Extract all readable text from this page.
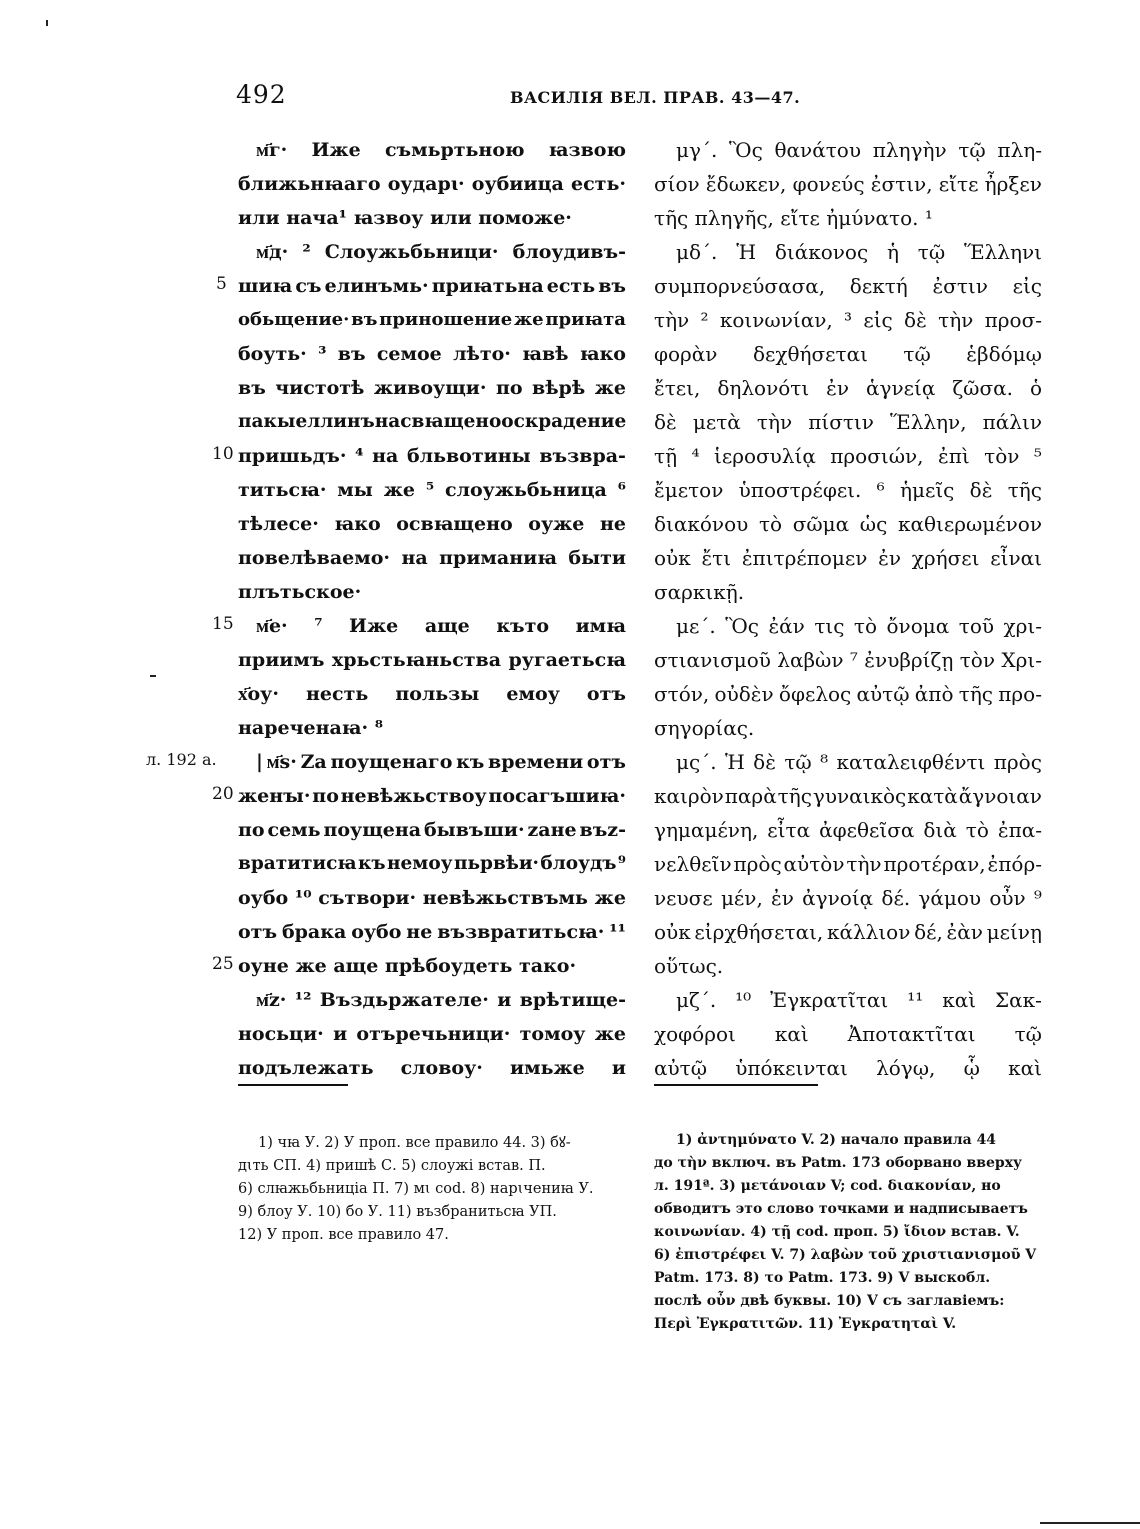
492	ВАСИЛІЯ ВЕЛ. ПРАВ. 43—47.
м҃г· Иже съмьртьною ꙗзвою
ближьнꙗаго оударꙇ· оубиица есть·
или нача¹ ꙗзвоу или поможе·
м҃д· ² Слоужьбьници· блоудивъ-
шиꙗ съ елинъмь· приꙗтьна есть въ
обьщение· въ приношение же приꙗта
боуть· ³ въ семое лѣто· ꙗвѣ ꙗко
въ чистотѣ живоущи· по вѣрѣ же
пакы еллинъ на свꙗщенооскрадение
пришьдъ· ⁴ на бльвотины възвра-
титьсꙗ· мы же ⁵ слоужьбьница ⁶
тѣлесе· ꙗко освꙗщено оуже не
повелѣваемо· на приманиꙗ быти
плътьское·
м҃е· ⁷ Иже аще къто имꙗ
приимъ хрьстьꙗньства ругаетьсꙗ
х҃оу· несть пользы емоу отъ
нареченаꙗ· ⁸
| м҃ѕ· Za поущенаго къ времени отъ
женꙑ· по невѣжьствоу посагъшиꙗ·
по семь поущена бывъши· zане въz-
вратитисꙗ къ немоу пьрвѣи· блоудъ ⁹
оубо ¹⁰ сътвори· невѣжьствъмь же
отъ брака оубо не възвратитьсꙗ· ¹¹
оуне же аще прѣбоудеть тако·
м҃z· ¹² Въздьржателе· и врѣтище-
носьци· и отъречьници· томоу же
подълежать словоу· имьже и
5
10
15
20
25
л. 192 а.
μγ΄. Ὃς θανάτου πληγὴν τῷ πλη-
σίον ἔδωκεν, φονεύς ἐστιν, εἴτε ἦρξεν
τῆς πληγῆς, εἴτε ἠμύνατο. ¹
μδ΄. Ἡ διάκονος ἡ τῷ Ἕλληνι
συμπορνεύσασα, δεκτή ἐστιν εἰς
τὴν ² κοινωνίαν, ³ εἰς δὲ τὴν προσ-
φορὰν δεχθήσεται τῷ ἑβδόμῳ
ἔτει, δηλονότι ἐν ἁγνείᾳ ζῶσα. ὁ
δὲ μετὰ τὴν πίστιν Ἕλλην, πάλιν
τῇ ⁴ ἱεροσυλίᾳ προσιών, ἐπὶ τὸν ⁵
ἔμετον ὑποστρέφει. ⁶ ἡμεῖς δὲ τῆς
διακόνου τὸ σῶμα ὡς καθιερωμένον
οὐκ ἔτι ἐπιτρέπομεν ἐν χρήσει εἶναι
σαρκικῇ.
με΄. Ὃς ἐάν τις τὸ ὄνομα τοῦ χρι-
στιανισμοῦ λαβὼν ⁷ ἐνυβρίζῃ τὸν Χρι-
στόν, οὐδὲν ὄφελος αὐτῷ ἀπὸ τῆς προ-
σηγορίας.
μς΄. Ἡ δὲ τῷ ⁸ καταλειφθέντι πρὸς
καιρὸν παρὰ τῆς γυναικὸς κατὰ ἄγνοιαν
γημαμένη, εἶτα ἀφεθεῖσα διὰ τὸ ἐπα-
νελθεῖν πρὸς αὐτὸν τὴν προτέραν, ἐπόρ-
νευσε μέν, ἐν ἀγνοίᾳ δέ. γάμου οὖν ⁹
οὐκ εἰρχθήσεται, κάλλιον δέ, ἐὰν μείνῃ
οὕτως.
μζ΄. ¹⁰ Ἐγκρατῖται ¹¹ καὶ Σακ-
χοφόροι καὶ Ἀποτακτῖται τῷ
αὐτῷ ὑπόκεινται λόγῳ, ᾧ καὶ
1) чꙗ У. 2) У проп. все правило 44. 3) бꙋ-
дꙇть СП. 4) пришѣ С. 5) слоужі встав. П.
6) слꙗжьбьниціа П. 7) мꙇ cod. 8) нарꙇчениꙗ У.
9) блоу У. 10) бо У. 11) възбранитьсꙗ УП.
12) У проп. все правило 47.
1) ἀντημύνατο V. 2) начало правила 44
до τὴν включ. въ Patm. 173 оборвано вверху
л. 191ª. 3) μετάνοιαν V; cod. διακονίαν, но
обводитъ это слово точками и надписываетъ
κοινωνίαν. 4) τῇ cod. проп. 5) ἴδιον встав. V.
6) ἐπιστρέφει V. 7) λαβὼν τοῦ χριστιανισμοῦ V
Patm. 173. 8) το Patm. 173. 9) V выскобл.
послѣ οὖν двѣ буквы. 10) V съ заглавіемъ:
Περὶ Ἐγκρατιτῶν. 11) Ἐγκρατηταὶ V.
